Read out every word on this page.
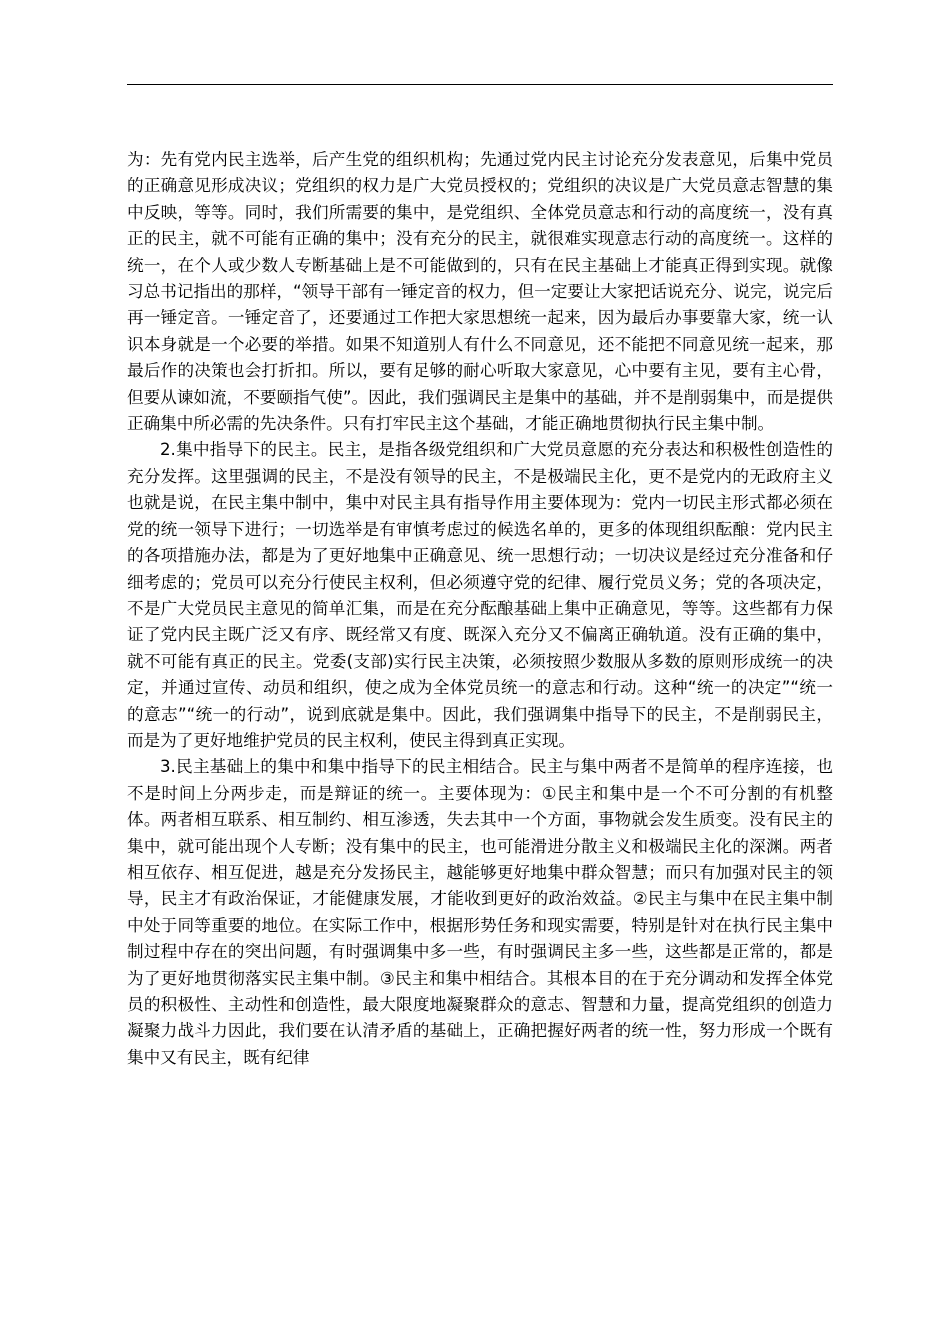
为：先有党内民主选举，后产生党的组织机构；先通过党内民主讨论充分发表意见，后集中党员的正确意见形成决议；党组织的权力是广大党员授权的；党组织的决议是广大党员意志智慧的集中反映，等等。同时，我们所需要的集中，是党组织、全体党员意志和行动的高度统一，没有真正的民主，就不可能有正确的集中；没有充分的民主，就很难实现意志行动的高度统一。这样的统一，在个人或少数人专断基础上是不可能做到的，只有在民主基础上才能真正得到实现。就像习总书记指出的那样，“领导干部有一锤定音的权力，但一定要让大家把话说充分、说完，说完后再一锤定音。一锤定音了，还要通过工作把大家思想统一起来，因为最后办事要靠大家，统一认识本身就是一个必要的举措。如果不知道别人有什么不同意见，还不能把不同意见统一起来，那最后作的决策也会打折扣。所以，要有足够的耐心听取大家意见，心中要有主见，要有主心骨，但要从谏如流，不要颐指气使”。因此，我们强调民主是集中的基础，并不是削弱集中，而是提供正确集中所必需的先决条件。只有打牢民主这个基础，才能正确地贯彻执行民主集中制。

2.集中指导下的民主。民主，是指各级党组织和广大党员意愿的充分表达和积极性创造性的充分发挥。这里强调的民主，不是没有领导的民主，不是极端民主化，更不是党内的无政府主义也就是说，在民主集中制中，集中对民主具有指导作用主要体现为：党内一切民主形式都必须在党的统一领导下进行；一切选举是有审慎考虑过的候选名单的，更多的体现组织酝酿：党内民主的各项措施办法，都是为了更好地集中正确意见、统一思想行动；一切决议是经过充分准备和仔细考虑的；党员可以充分行使民主权利，但必须遵守党的纪律、履行党员义务；党的各项决定，不是广大党员民主意见的简单汇集，而是在充分酝酿基础上集中正确意见，等等。这些都有力保证了党内民主既广泛又有序、既经常又有度、既深入充分又不偏离正确轨道。没有正确的集中，就不可能有真正的民主。党委(支部)实行民主决策，必须按照少数服从多数的原则形成统一的决定，并通过宣传、动员和组织，使之成为全体党员统一的意志和行动。这种“统一的决定”“统一的意志”“统一的行动”，说到底就是集中。因此，我们强调集中指导下的民主，不是削弱民主，而是为了更好地维护党员的民主权利，使民主得到真正实现。

3.民主基础上的集中和集中指导下的民主相结合。民主与集中两者不是简单的程序连接，也不是时间上分两步走，而是辩证的统一。主要体现为：①民主和集中是一个不可分割的有机整体。两者相互联系、相互制约、相互渗透，失去其中一个方面，事物就会发生质变。没有民主的集中，就可能出现个人专断；没有集中的民主，也可能滑进分散主义和极端民主化的深渊。两者相互依存、相互促进，越是充分发扬民主，越能够更好地集中群众智慧；而只有加强对民主的领导，民主才有政治保证，才能健康发展，才能收到更好的政治效益。②民主与集中在民主集中制中处于同等重要的地位。在实际工作中，根据形势任务和现实需要，特别是针对在执行民主集中制过程中存在的突出问题，有时强调集中多一些，有时强调民主多一些，这些都是正常的，都是为了更好地贯彻落实民主集中制。③民主和集中相结合。其根本目的在于充分调动和发挥全体党员的积极性、主动性和创造性，最大限度地凝聚群众的意志、智慧和力量，提高党组织的创造力凝聚力战斗力因此，我们要在认清矛盾的基础上，正确把握好两者的统一性，努力形成一个既有集中又有民主，既有纪律
